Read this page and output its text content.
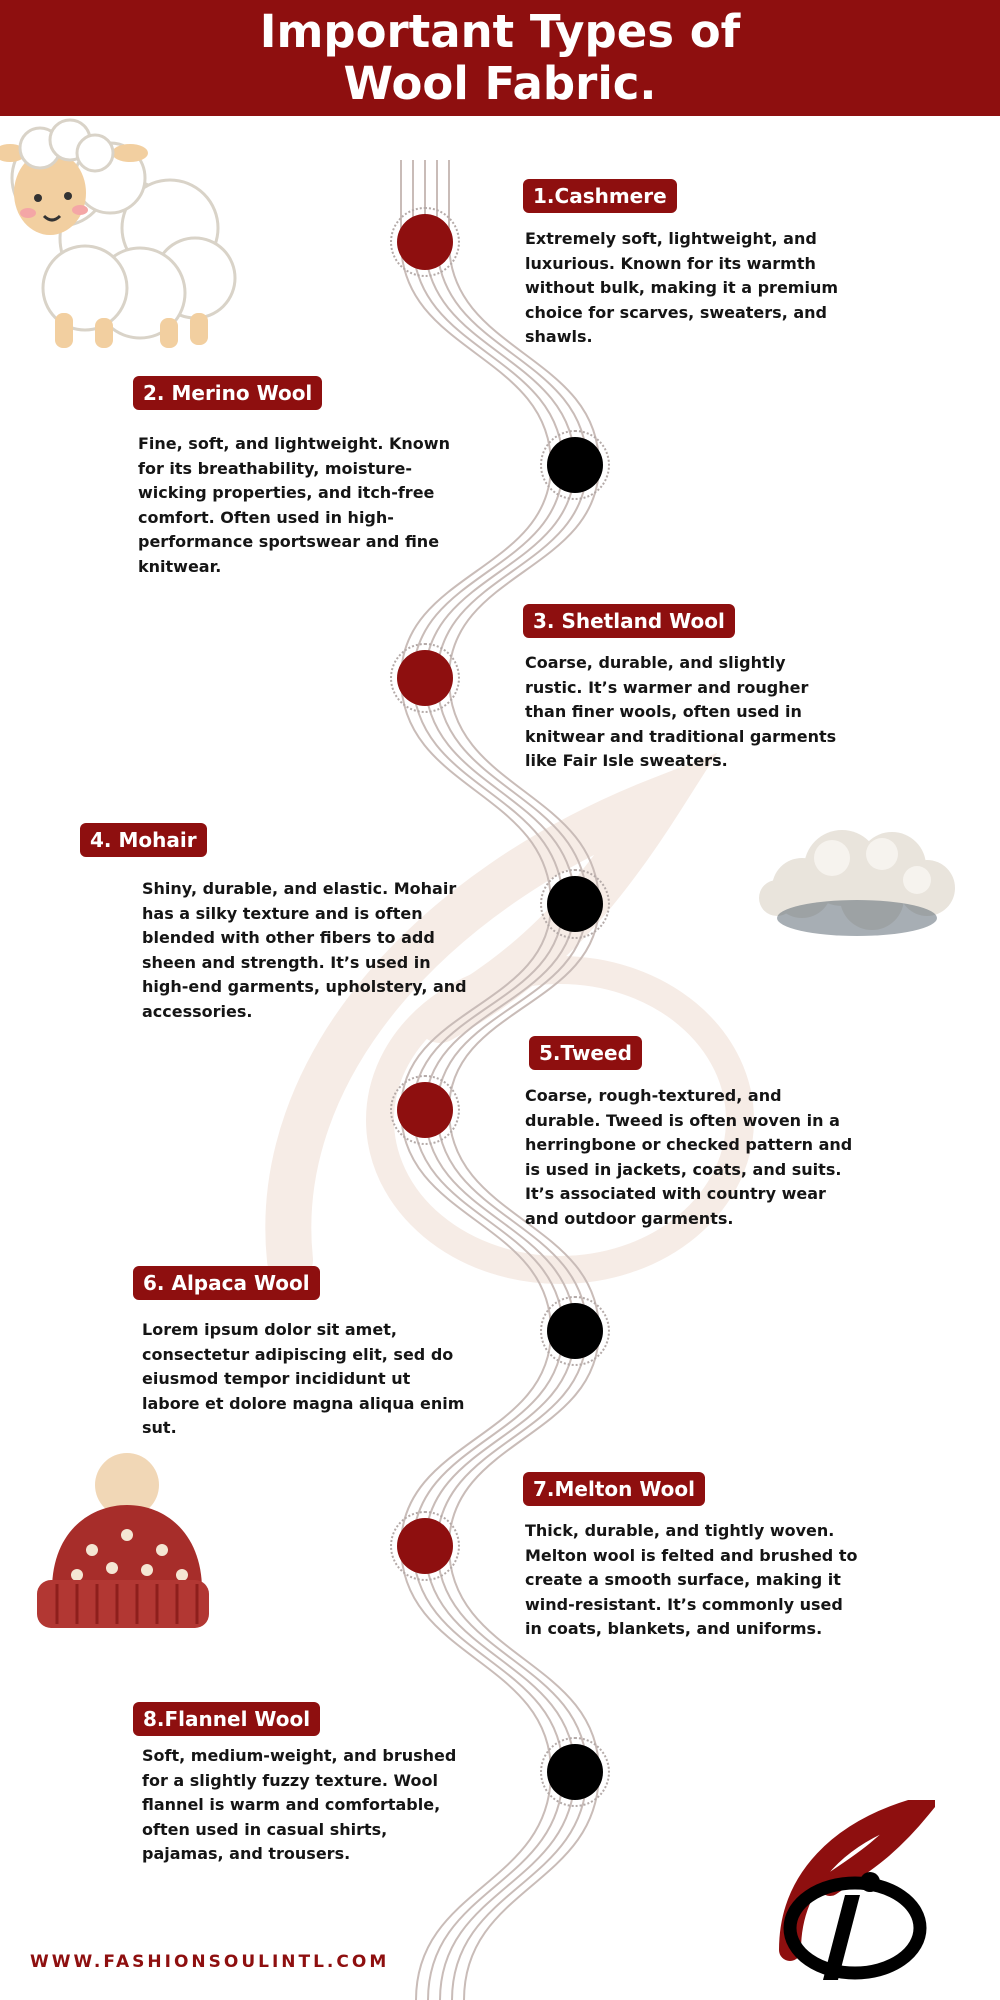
Important Types of
Wool Fabric.
1.Cashmere
Extremely soft, lightweight, and luxurious. Known for its warmth without bulk, making it a premium choice for scarves, sweaters, and shawls.
2. Merino Wool
Fine, soft, and lightweight. Known for its breathability, moisture-wicking properties, and itch-free comfort. Often used in high-performance sportswear and fine knitwear.
3. Shetland Wool
Coarse, durable, and slightly rustic. It’s warmer and rougher than finer wools, often used in knitwear and traditional garments like Fair Isle sweaters.
4. Mohair
Shiny, durable, and elastic. Mohair has a silky texture and is often blended with other fibers to add sheen and strength. It’s used in high-end garments, upholstery, and accessories.
5.Tweed
Coarse, rough-textured, and durable. Tweed is often woven in a herringbone or checked pattern and is used in jackets, coats, and suits. It’s associated with country wear and outdoor garments.
6. Alpaca Wool
Lorem ipsum dolor sit amet, consectetur adipiscing elit, sed do eiusmod tempor incididunt ut labore et dolore magna aliqua enim sut.
7.Melton Wool
Thick, durable, and tightly woven. Melton wool is felted and brushed to create a smooth surface, making it wind-resistant. It’s commonly used in coats, blankets, and uniforms.
8.Flannel Wool
Soft, medium-weight, and brushed for a slightly fuzzy texture. Wool flannel is warm and comfortable, often used in casual shirts, pajamas, and trousers.
WWW.FASHIONSOULINTL.COM
